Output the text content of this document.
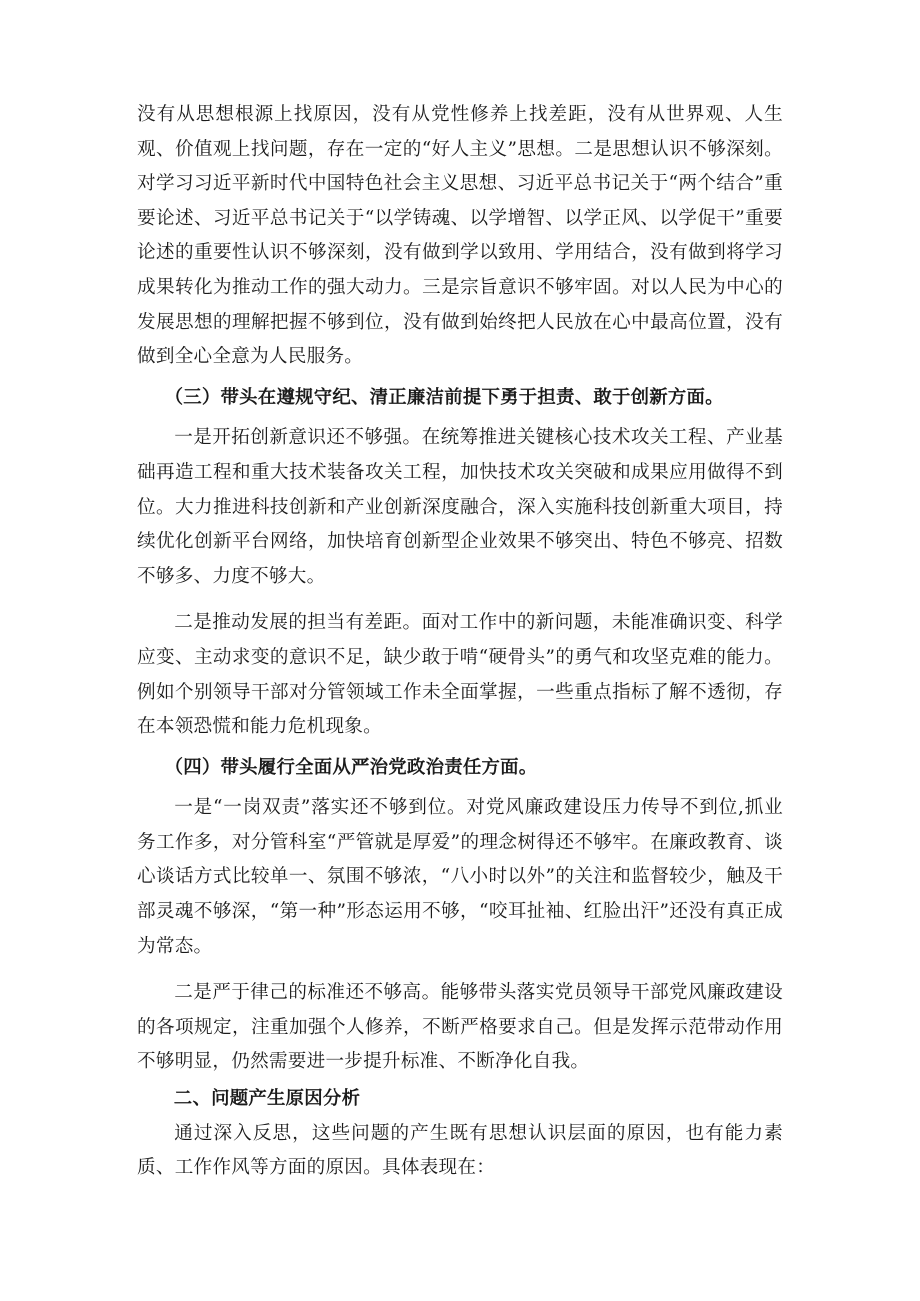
没有从思想根源上找原因，没有从党性修养上找差距，没有从世界观、人生观、价值观上找问题，存在一定的“好人主义”思想。二是思想认识不够深刻。对学习习近平新时代中国特色社会主义思想、习近平总书记关于“两个结合”重要论述、习近平总书记关于“以学铸魂、以学增智、以学正风、以学促干”重要论述的重要性认识不够深刻，没有做到学以致用、学用结合，没有做到将学习成果转化为推动工作的强大动力。三是宗旨意识不够牢固。对以人民为中心的发展思想的理解把握不够到位，没有做到始终把人民放在心中最高位置，没有做到全心全意为人民服务。

（三）带头在遵规守纪、清正廉洁前提下勇于担责、敢于创新方面。

一是开拓创新意识还不够强。在统筹推进关键核心技术攻关工程、产业基础再造工程和重大技术装备攻关工程，加快技术攻关突破和成果应用做得不到位。大力推进科技创新和产业创新深度融合，深入实施科技创新重大项目，持续优化创新平台网络，加快培育创新型企业效果不够突出、特色不够亮、招数不够多、力度不够大。

二是推动发展的担当有差距。面对工作中的新问题，未能准确识变、科学应变、主动求变的意识不足，缺少敢于啃“硬骨头”的勇气和攻坚克难的能力。例如个别领导干部对分管领域工作未全面掌握，一些重点指标了解不透彻，存在本领恐慌和能力危机现象。

（四）带头履行全面从严治党政治责任方面。

一是“一岗双责”落实还不够到位。对党风廉政建设压力传导不到位,抓业务工作多，对分管科室“严管就是厚爱”的理念树得还不够牢。在廉政教育、谈心谈话方式比较单一、氛围不够浓，“八小时以外”的关注和监督较少，触及干部灵魂不够深，“第一种”形态运用不够，“咬耳扯袖、红脸出汗”还没有真正成为常态。

二是严于律己的标准还不够高。能够带头落实党员领导干部党风廉政建设的各项规定，注重加强个人修养，不断严格要求自己。但是发挥示范带动作用不够明显，仍然需要进一步提升标准、不断净化自我。

二、问题产生原因分析

通过深入反思，这些问题的产生既有思想认识层面的原因，也有能力素质、工作作风等方面的原因。具体表现在：
